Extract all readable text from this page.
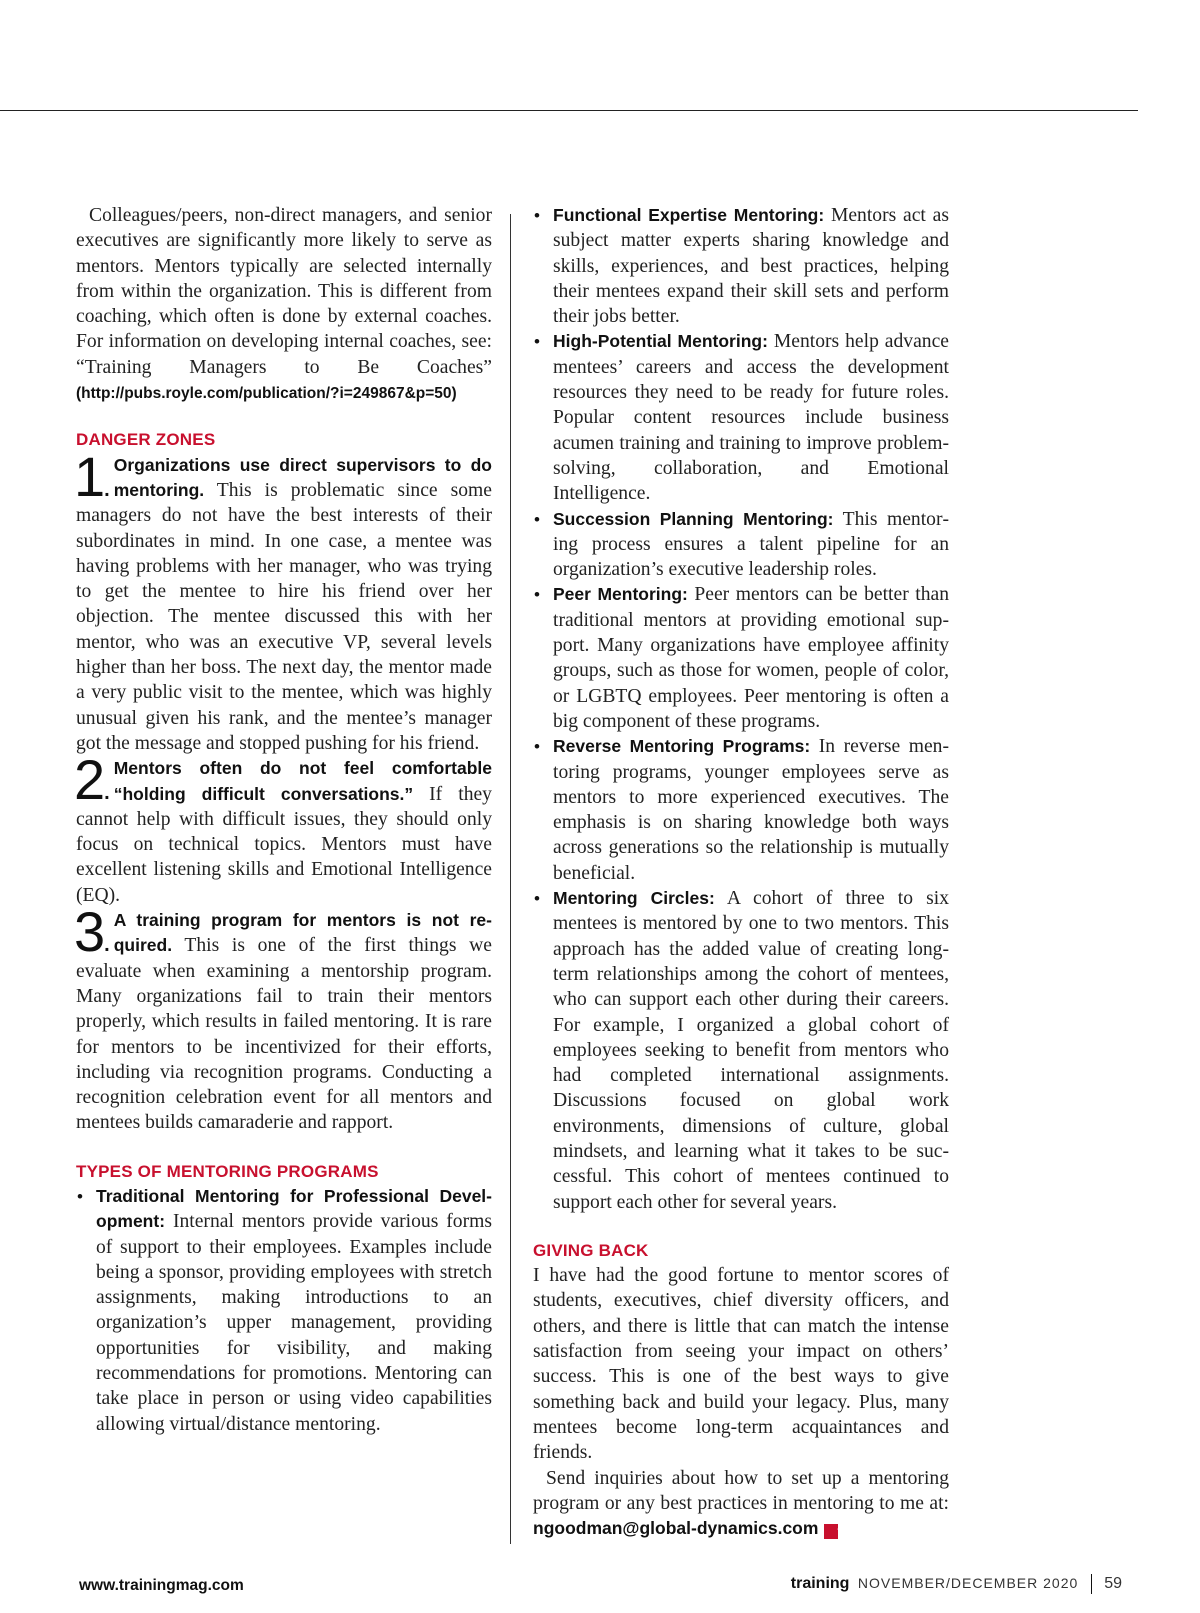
Colleagues/peers, non-direct managers, and senior executives are significantly more likely to serve as mentors. Mentors typically are selected internally from within the organization. This is different from coaching, which often is done by external coaches. For information on developing internal coaches, see: “Training Managers to Be Coaches” (http://pubs.royle.com/publication/?i=249867&p=50)

DANGER ZONES

1.
Organizations use direct supervisors to do mentoring. This is problematic since some managers do not have the best interests of their subordinates in mind. In one case, a mentee was having problems with her manager, who was trying to get the mentee to hire his friend over her objection. The mentee discussed this with her mentor, who was an executive VP, several levels higher than her boss. The next day, the mentor made a very public visit to the mentee, which was highly unusual given his rank, and the mentee’s manager got the message and stopped pushing for his friend.

2.
Mentors often do not feel comfortable “holding difficult conversations.” If they cannot help with difficult issues, they should only focus on technical topics. Mentors must have excellent listening skills and Emotional Intelligence (EQ).

3.
A training program for mentors is not required. This is one of the first things we evaluate when examining a mentorship program. Many organizations fail to train their mentors properly, which results in failed mentoring. It is rare for mentors to be incentivized for their efforts, including via recognition programs. Conducting a recognition celebration event for all mentors and mentees builds camaraderie and rapport.

TYPES OF MENTORING PROGRAMS
• Traditional Mentoring for Professional Development: Internal mentors provide various forms of support to their employees. Examples include being a sponsor, providing employees with stretch assignments, making introductions to an organization’s upper management, providing opportunities for visibility, and making recommendations for promotions. Mentoring can take place in person or using video capabilities allowing virtual/distance mentoring.
• Functional Expertise Mentoring: Mentors act as subject matter experts sharing knowledge and skills, experiences, and best practices, helping their mentees expand their skill sets and perform their jobs better.
• High-Potential Mentoring: Mentors help advance mentees’ careers and access the development resources they need to be ready for future roles. Popular content resources include business acumen training and training to improve problem-solving, collaboration, and Emotional Intelligence.
• Succession Planning Mentoring: This mentoring process ensures a talent pipeline for an organization’s executive leadership roles.
• Peer Mentoring: Peer mentors can be better than traditional mentors at providing emotional support. Many organizations have employee affinity groups, such as those for women, people of color, or LGBTQ employees. Peer mentoring is often a big component of these programs.
• Reverse Mentoring Programs: In reverse mentoring programs, younger employees serve as mentors to more experienced executives. The emphasis is on sharing knowledge both ways across generations so the relationship is mutually beneficial.
• Mentoring Circles: A cohort of three to six mentees is mentored by one to two mentors. This approach has the added value of creating long-term relationships among the cohort of mentees, who can support each other during their careers. For example, I organized a global cohort of employees seeking to benefit from mentors who had completed international assignments. Discussions focused on global work environments, dimensions of culture, global mindsets, and learning what it takes to be successful. This cohort of mentees continued to support each other for several years.
GIVING BACK

I have had the good fortune to mentor scores of students, executives, chief diversity officers, and others, and there is little that can match the intense satisfaction from seeing your impact on others’ success. This is one of the best ways to give something back and build your legacy. Plus, many mentees become long-term acquaintances and friends.

Send inquiries about how to set up a mentoring program or any best practices in mentoring to me at: ngoodman@global-dynamics.com t

www.trainingmag.com	training NOVEMBER/DECEMBER 2020 59
